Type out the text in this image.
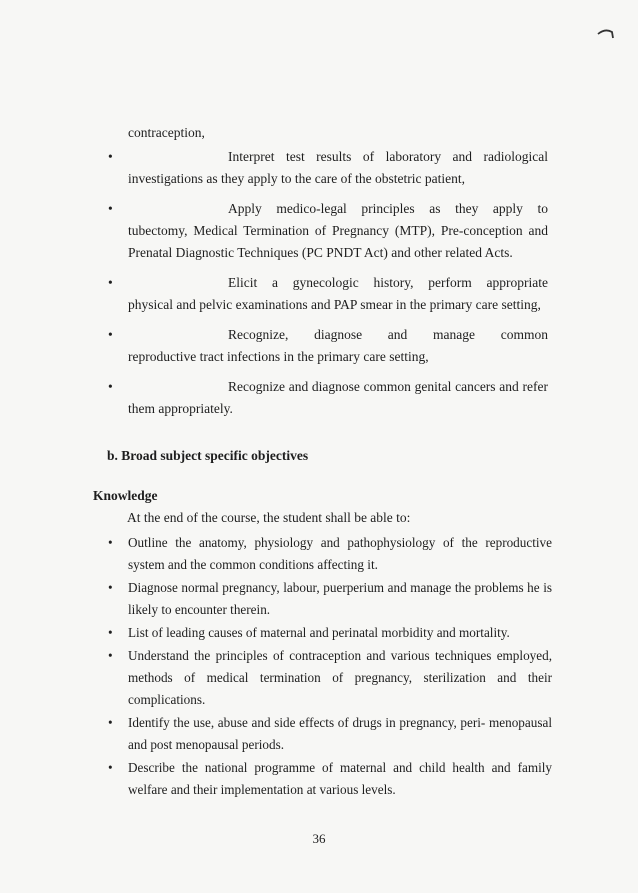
contraception,
•	Interpret test results of laboratory and radiological
investigations as they apply to the care of the obstetric patient,
•	Apply medico-legal principles as they apply to
tubectomy, Medical Termination of Pregnancy (MTP), Pre-conception and Prenatal Diagnostic Techniques (PC PNDT Act) and other related Acts.
•	Elicit a gynecologic history, perform appropriate
physical and pelvic examinations and PAP smear in the primary care setting,
•	Recognize, diagnose and manage common
reproductive tract infections in the primary care setting,
•	Recognize and diagnose common genital cancers and refer
them appropriately.
b. Broad subject specific objectives
Knowledge
At the end of the course, the student shall be able to:
• Outline the anatomy, physiology and pathophysiology of the reproductive system and the common conditions affecting it.
• Diagnose normal pregnancy, labour, puerperium and manage the problems he is likely to encounter therein.
• List of leading causes of maternal and perinatal morbidity and mortality.
• Understand the principles of contraception and various techniques employed, methods of medical termination of pregnancy, sterilization and their complications.
• Identify the use, abuse and side effects of drugs in pregnancy, peri- menopausal and post menopausal periods.
• Describe the national programme of maternal and child health and family welfare and their implementation at various levels.
36
